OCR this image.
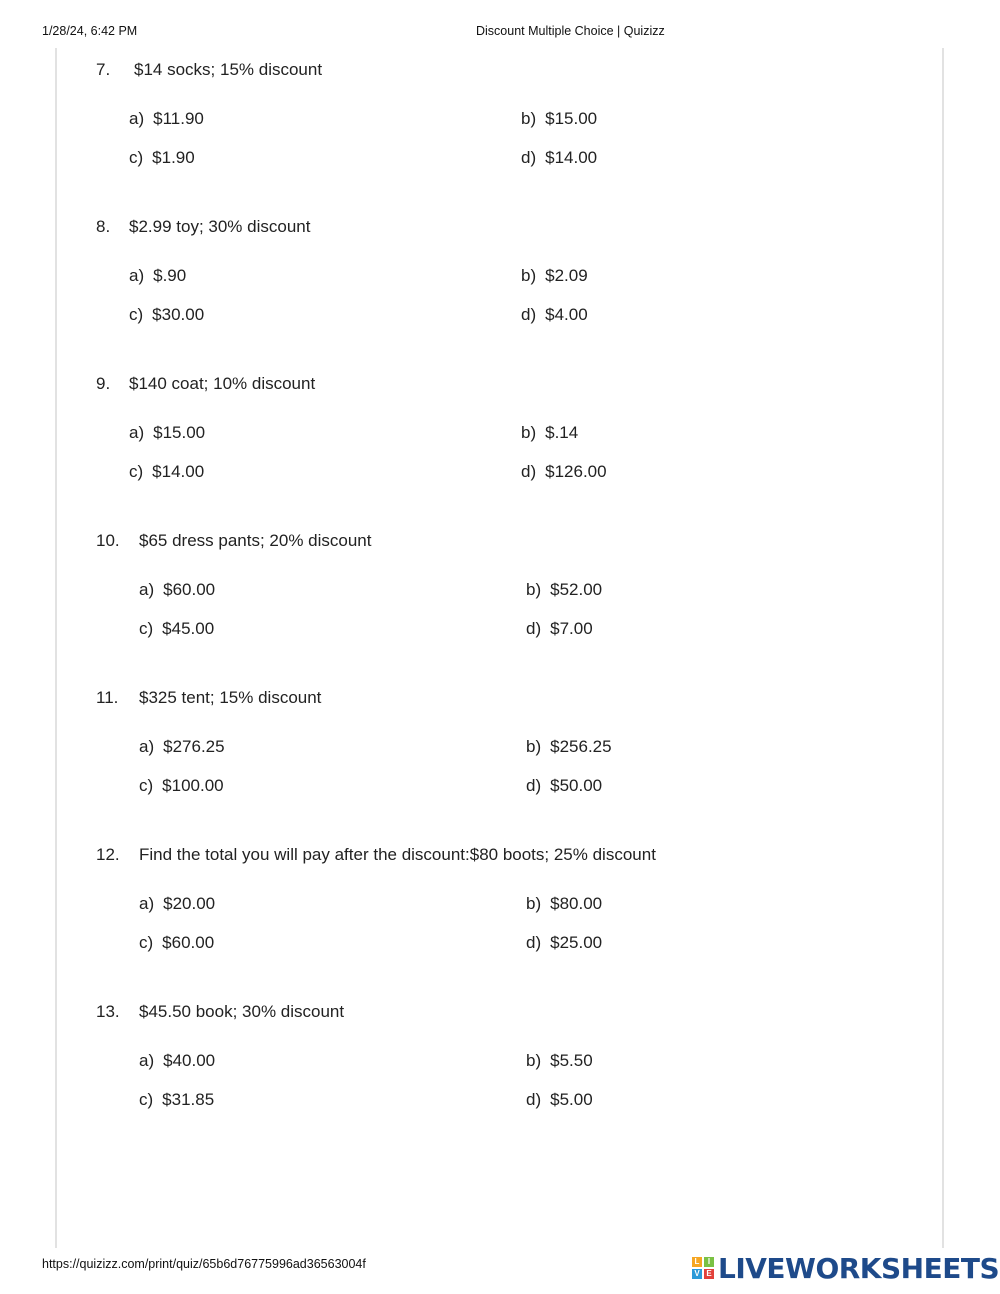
1/28/24, 6:42 PM	Discount Multiple Choice | Quizizz
7. $14 socks; 15% discount
a) $11.90	b) $15.00
c) $1.90	d) $14.00
8. $2.99 toy; 30% discount
a) $.90	b) $2.09
c) $30.00	d) $4.00
9. $140 coat; 10% discount
a) $15.00	b) $.14
c) $14.00	d) $126.00
10. $65 dress pants; 20% discount
a) $60.00	b) $52.00
c) $45.00	d) $7.00
11. $325 tent; 15% discount
a) $276.25	b) $256.25
c) $100.00	d) $50.00
12. Find the total you will pay after the discount:$80 boots; 25% discount
a) $20.00	b) $80.00
c) $60.00	d) $25.00
13. $45.50 book; 30% discount
a) $40.00	b) $5.50
c) $31.85	d) $5.00
https://quizizz.com/print/quiz/65b6d76775996ad36563004f	L	I
V E LIVEWORKSHEETS
